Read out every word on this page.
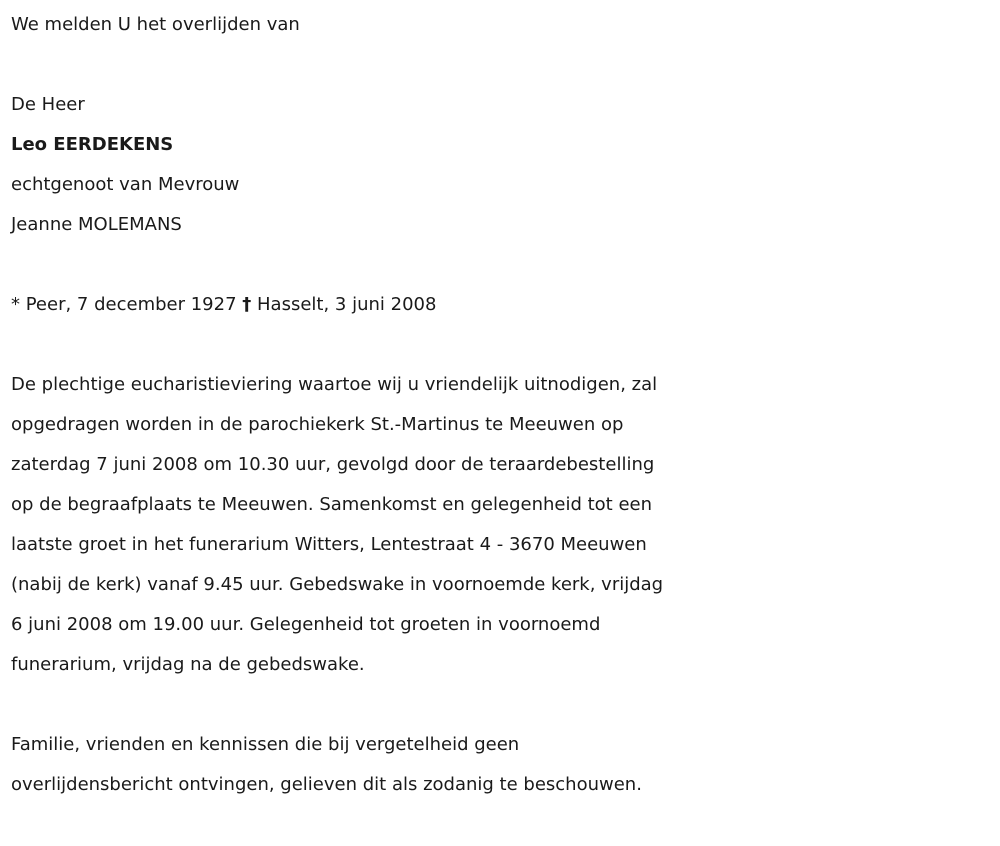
We melden U het overlijden van

De Heer

Leo EERDEKENS

echtgenoot van Mevrouw

Jeanne MOLEMANS

* Peer, 7 december 1927 † Hasselt, 3 juni 2008

De plechtige eucharistieviering waartoe wij u vriendelijk uitnodigen, zal

opgedragen worden in de parochiekerk St.-Martinus te Meeuwen op

zaterdag 7 juni 2008 om 10.30 uur, gevolgd door de teraardebestelling

op de begraafplaats te Meeuwen. Samenkomst en gelegenheid tot een

laatste groet in het funerarium Witters, Lentestraat 4 - 3670 Meeuwen

(nabij de kerk) vanaf 9.45 uur. Gebedswake in voornoemde kerk, vrijdag

6 juni 2008 om 19.00 uur. Gelegenheid tot groeten in voornoemd

funerarium, vrijdag na de gebedswake.

Familie, vrienden en kennissen die bij vergetelheid geen

overlijdensbericht ontvingen, gelieven dit als zodanig te beschouwen.
